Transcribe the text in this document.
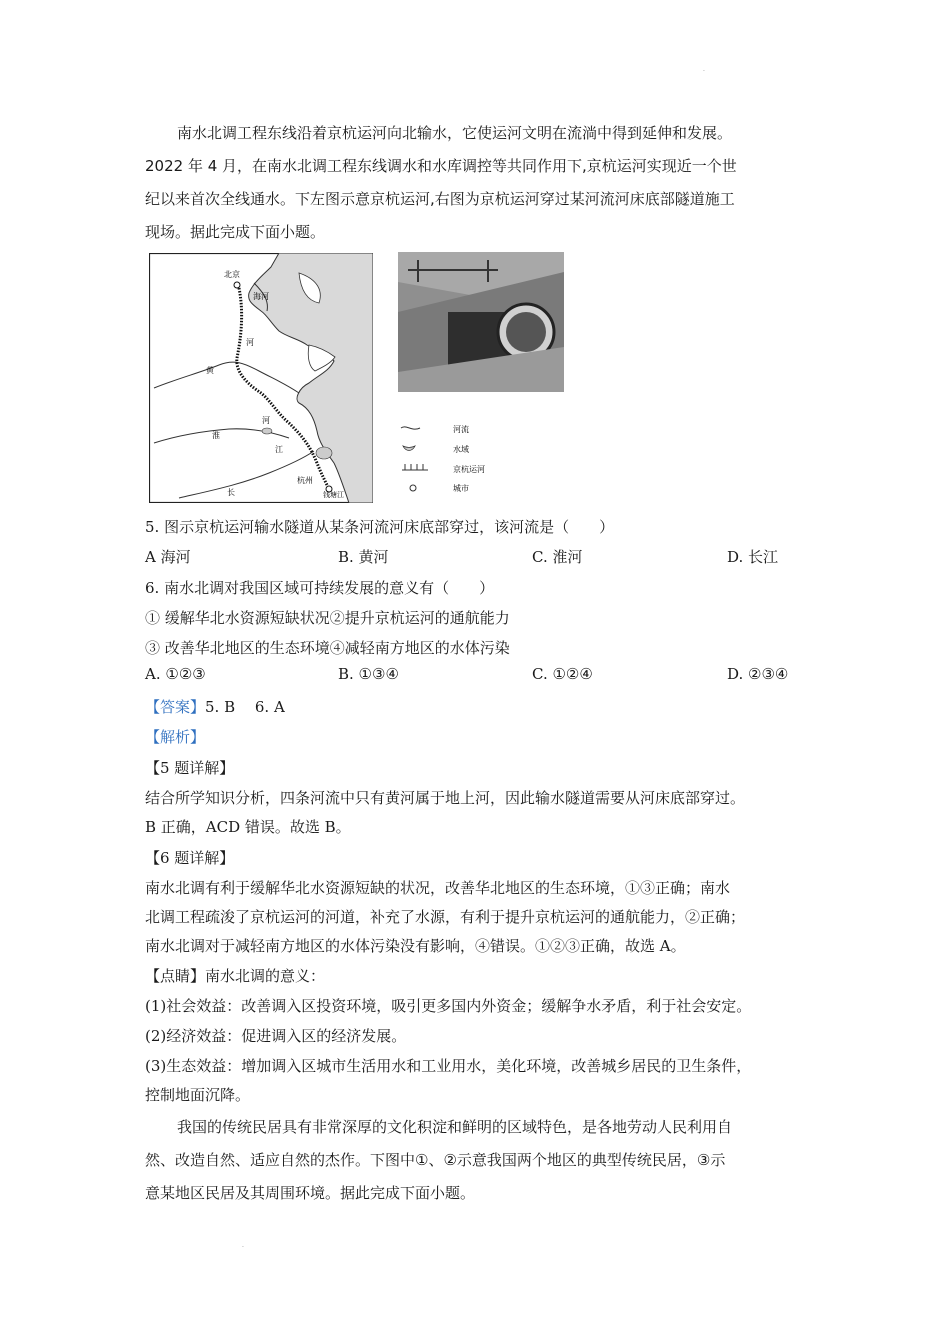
.
南水北调工程东线沿着京杭运河向北输水，它使运河文明在流淌中得到延伸和发展。
2022 年 4 月，在南水北调工程东线调水和水库调控等共同作用下,京杭运河实现近一个世
纪以来首次全线通水。下左图示意京杭运河,右图为京杭运河穿过某河流河床底部隧道施工
现场。据此完成下面小题。
北京
海河
河
黄
淮
河
江
杭州
长	钱塘江
河流
水域
京杭运河
城市
5. 图示京杭运河输水隧道从某条河流河床底部穿过，该河流是（　　）
A 海河	B. 黄河	C. 淮河	D. 长江
6. 南水北调对我国区域可持续发展的意义有（　　）
① 缓解华北水资源短缺状况②提升京杭运河的通航能力
③ 改善华北地区的生态环境④减轻南方地区的水体污染
A. ①②③	B. ①③④	C. ①②④	D. ②③④
【答案】5. B　 6. A
【解析】
【5 题详解】
结合所学知识分析，四条河流中只有黄河属于地上河，因此输水隧道需要从河床底部穿过。
B 正确，ACD 错误。故选 B。
【6 题详解】
南水北调有利于缓解华北水资源短缺的状况，改善华北地区的生态环境，①③正确；南水
北调工程疏浚了京杭运河的河道，补充了水源，有利于提升京杭运河的通航能力，②正确；
南水北调对于减轻南方地区的水体污染没有影响，④错误。①②③正确，故选 A。
【点睛】南水北调的意义：
(1)社会效益：改善调入区投资环境，吸引更多国内外资金；缓解争水矛盾，利于社会安定。
(2)经济效益：促进调入区的经济发展。
(3)生态效益：增加调入区城市生活用水和工业用水，美化环境，改善城乡居民的卫生条件，
控制地面沉降。
我国的传统民居具有非常深厚的文化积淀和鲜明的区域特色，是各地劳动人民利用自
然、改造自然、适应自然的杰作。下图中①、②示意我国两个地区的典型传统民居，③示
意某地区民居及其周围环境。据此完成下面小题。
.
